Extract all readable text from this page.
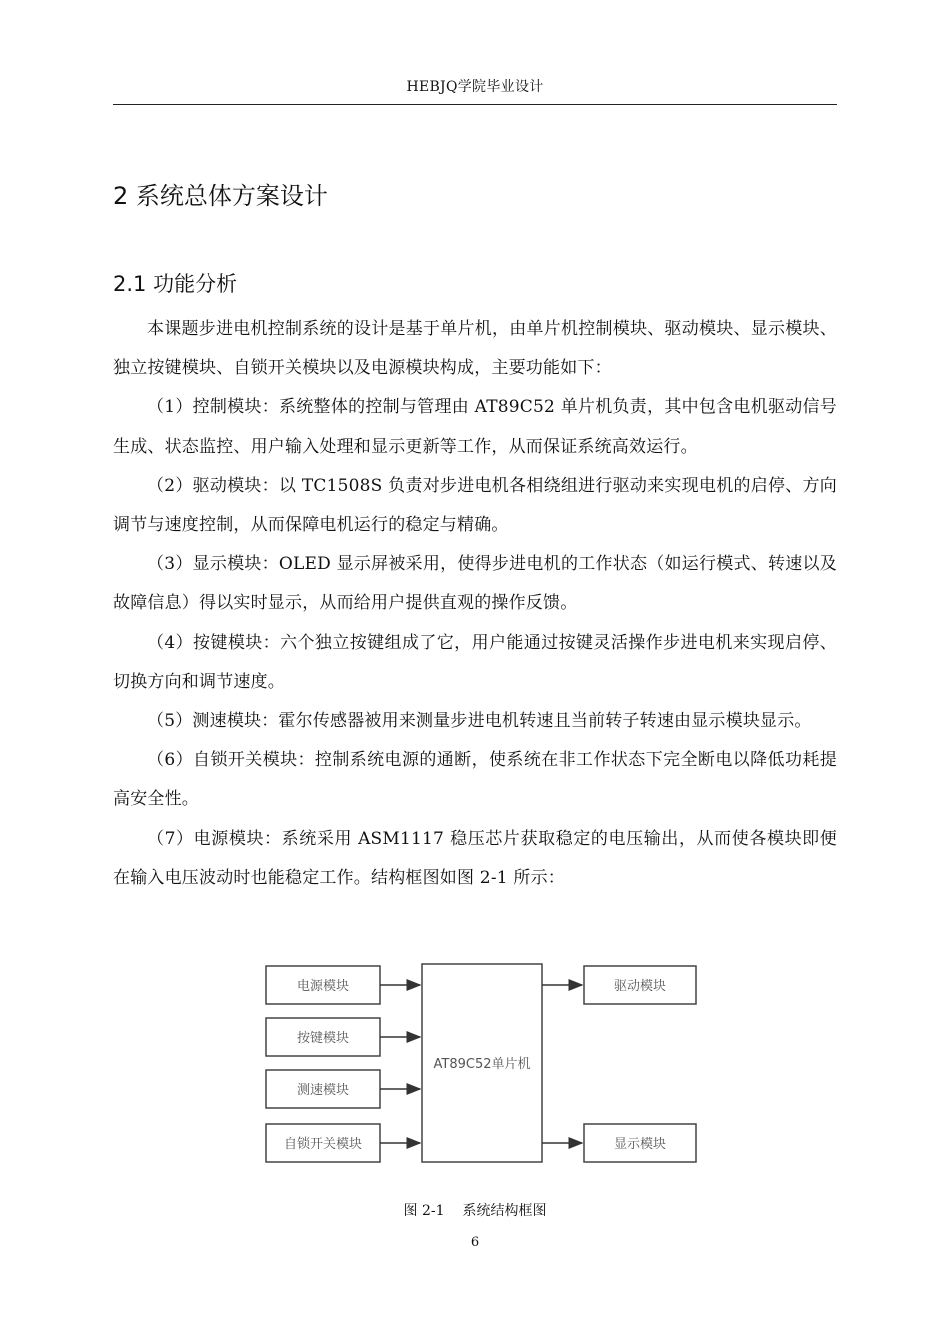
HEBJQ学院毕业设计
2 系统总体方案设计
2.1 功能分析

本课题步进电机控制系统的设计是基于单片机，由单片机控制模块、驱动模块、显示模块、独立按键模块、自锁开关模块以及电源模块构成，主要功能如下：

（1）控制模块：系统整体的控制与管理由 AT89C52 单片机负责，其中包含电机驱动信号生成、状态监控、用户输入处理和显示更新等工作，从而保证系统高效运行。

（2）驱动模块：以 TC1508S 负责对步进电机各相绕组进行驱动来实现电机的启停、方向调节与速度控制，从而保障电机运行的稳定与精确。

（3）显示模块：OLED 显示屏被采用，使得步进电机的工作状态（如运行模式、转速以及故障信息）得以实时显示，从而给用户提供直观的操作反馈。

（4）按键模块：六个独立按键组成了它，用户能通过按键灵活操作步进电机来实现启停、切换方向和调节速度。

（5）测速模块：霍尔传感器被用来测量步进电机转速且当前转子转速由显示模块显示。

（6）自锁开关模块：控制系统电源的通断，使系统在非工作状态下完全断电以降低功耗提高安全性。

（7）电源模块：系统采用 ASM1117 稳压芯片获取稳定的电压输出，从而使各模块即便在输入电压波动时也能稳定工作。结构框图如图 2-1 所示：

电源模块
按键模块
测速模块
自锁开关模块
AT89C52单片机
驱动模块
显示模块
图 2-1 系统结构框图
6
